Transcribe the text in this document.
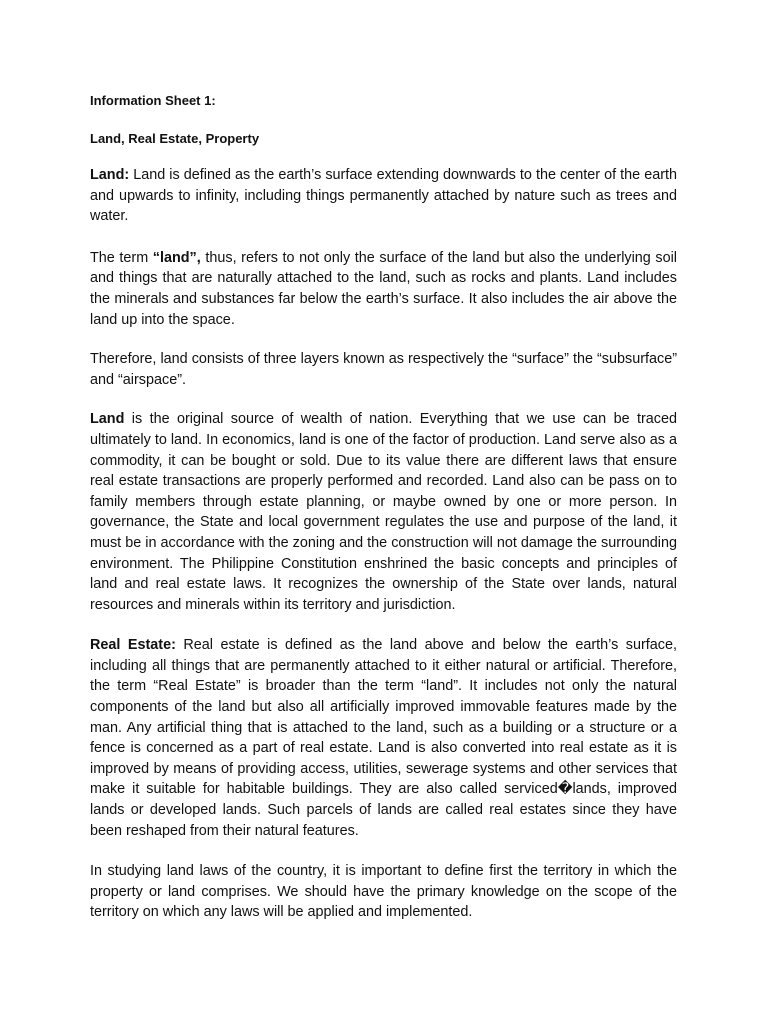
Information Sheet 1:

Land, Real Estate, Property

Land: Land is defined as the earth’s surface extending downwards to the center of the earth and upwards to infinity, including things permanently attached by nature such as trees and water.

The term “land”, thus, refers to not only the surface of the land but also the underlying soil and things that are naturally attached to the land, such as rocks and plants. Land includes the minerals and substances far below the earth’s surface. It also includes the air above the land up into the space.

Therefore, land consists of three layers known as respectively the “surface” the “subsurface” and “airspace”.

Land is the original source of wealth of nation. Everything that we use can be traced ultimately to land. In economics, land is one of the factor of production. Land serve also as a commodity, it can be bought or sold. Due to its value there are different laws that ensure real estate transactions are properly performed and recorded. Land also can be pass on to family members through estate planning, or maybe owned by one or more person. In governance, the State and local government regulates the use and purpose of the land, it must be in accordance with the zoning and the construction will not damage the surrounding environment. The Philippine Constitution enshrined the basic concepts and principles of land and real estate laws. It recognizes the ownership of the State over lands, natural resources and minerals within its territory and jurisdiction.

Real Estate: Real estate is defined as the land above and below the earth’s surface, including all things that are permanently attached to it either natural or artificial. Therefore, the term “Real Estate” is broader than the term “land”. It includes not only the natural components of the land but also all artificially improved immovable features made by the man. Any artificial thing that is attached to the land, such as a building or a structure or a fence is concerned as a part of real estate. Land is also converted into real estate as it is improved by means of providing access, utilities, sewerage systems and other services that make it suitable for habitable buildings. They are also called serviced�lands, improved lands or developed lands. Such parcels of lands are called real estates since they have been reshaped from their natural features.

In studying land laws of the country, it is important to define first the territory in which the property or land comprises. We should have the primary knowledge on the scope of the territory on which any laws will be applied and implemented.
